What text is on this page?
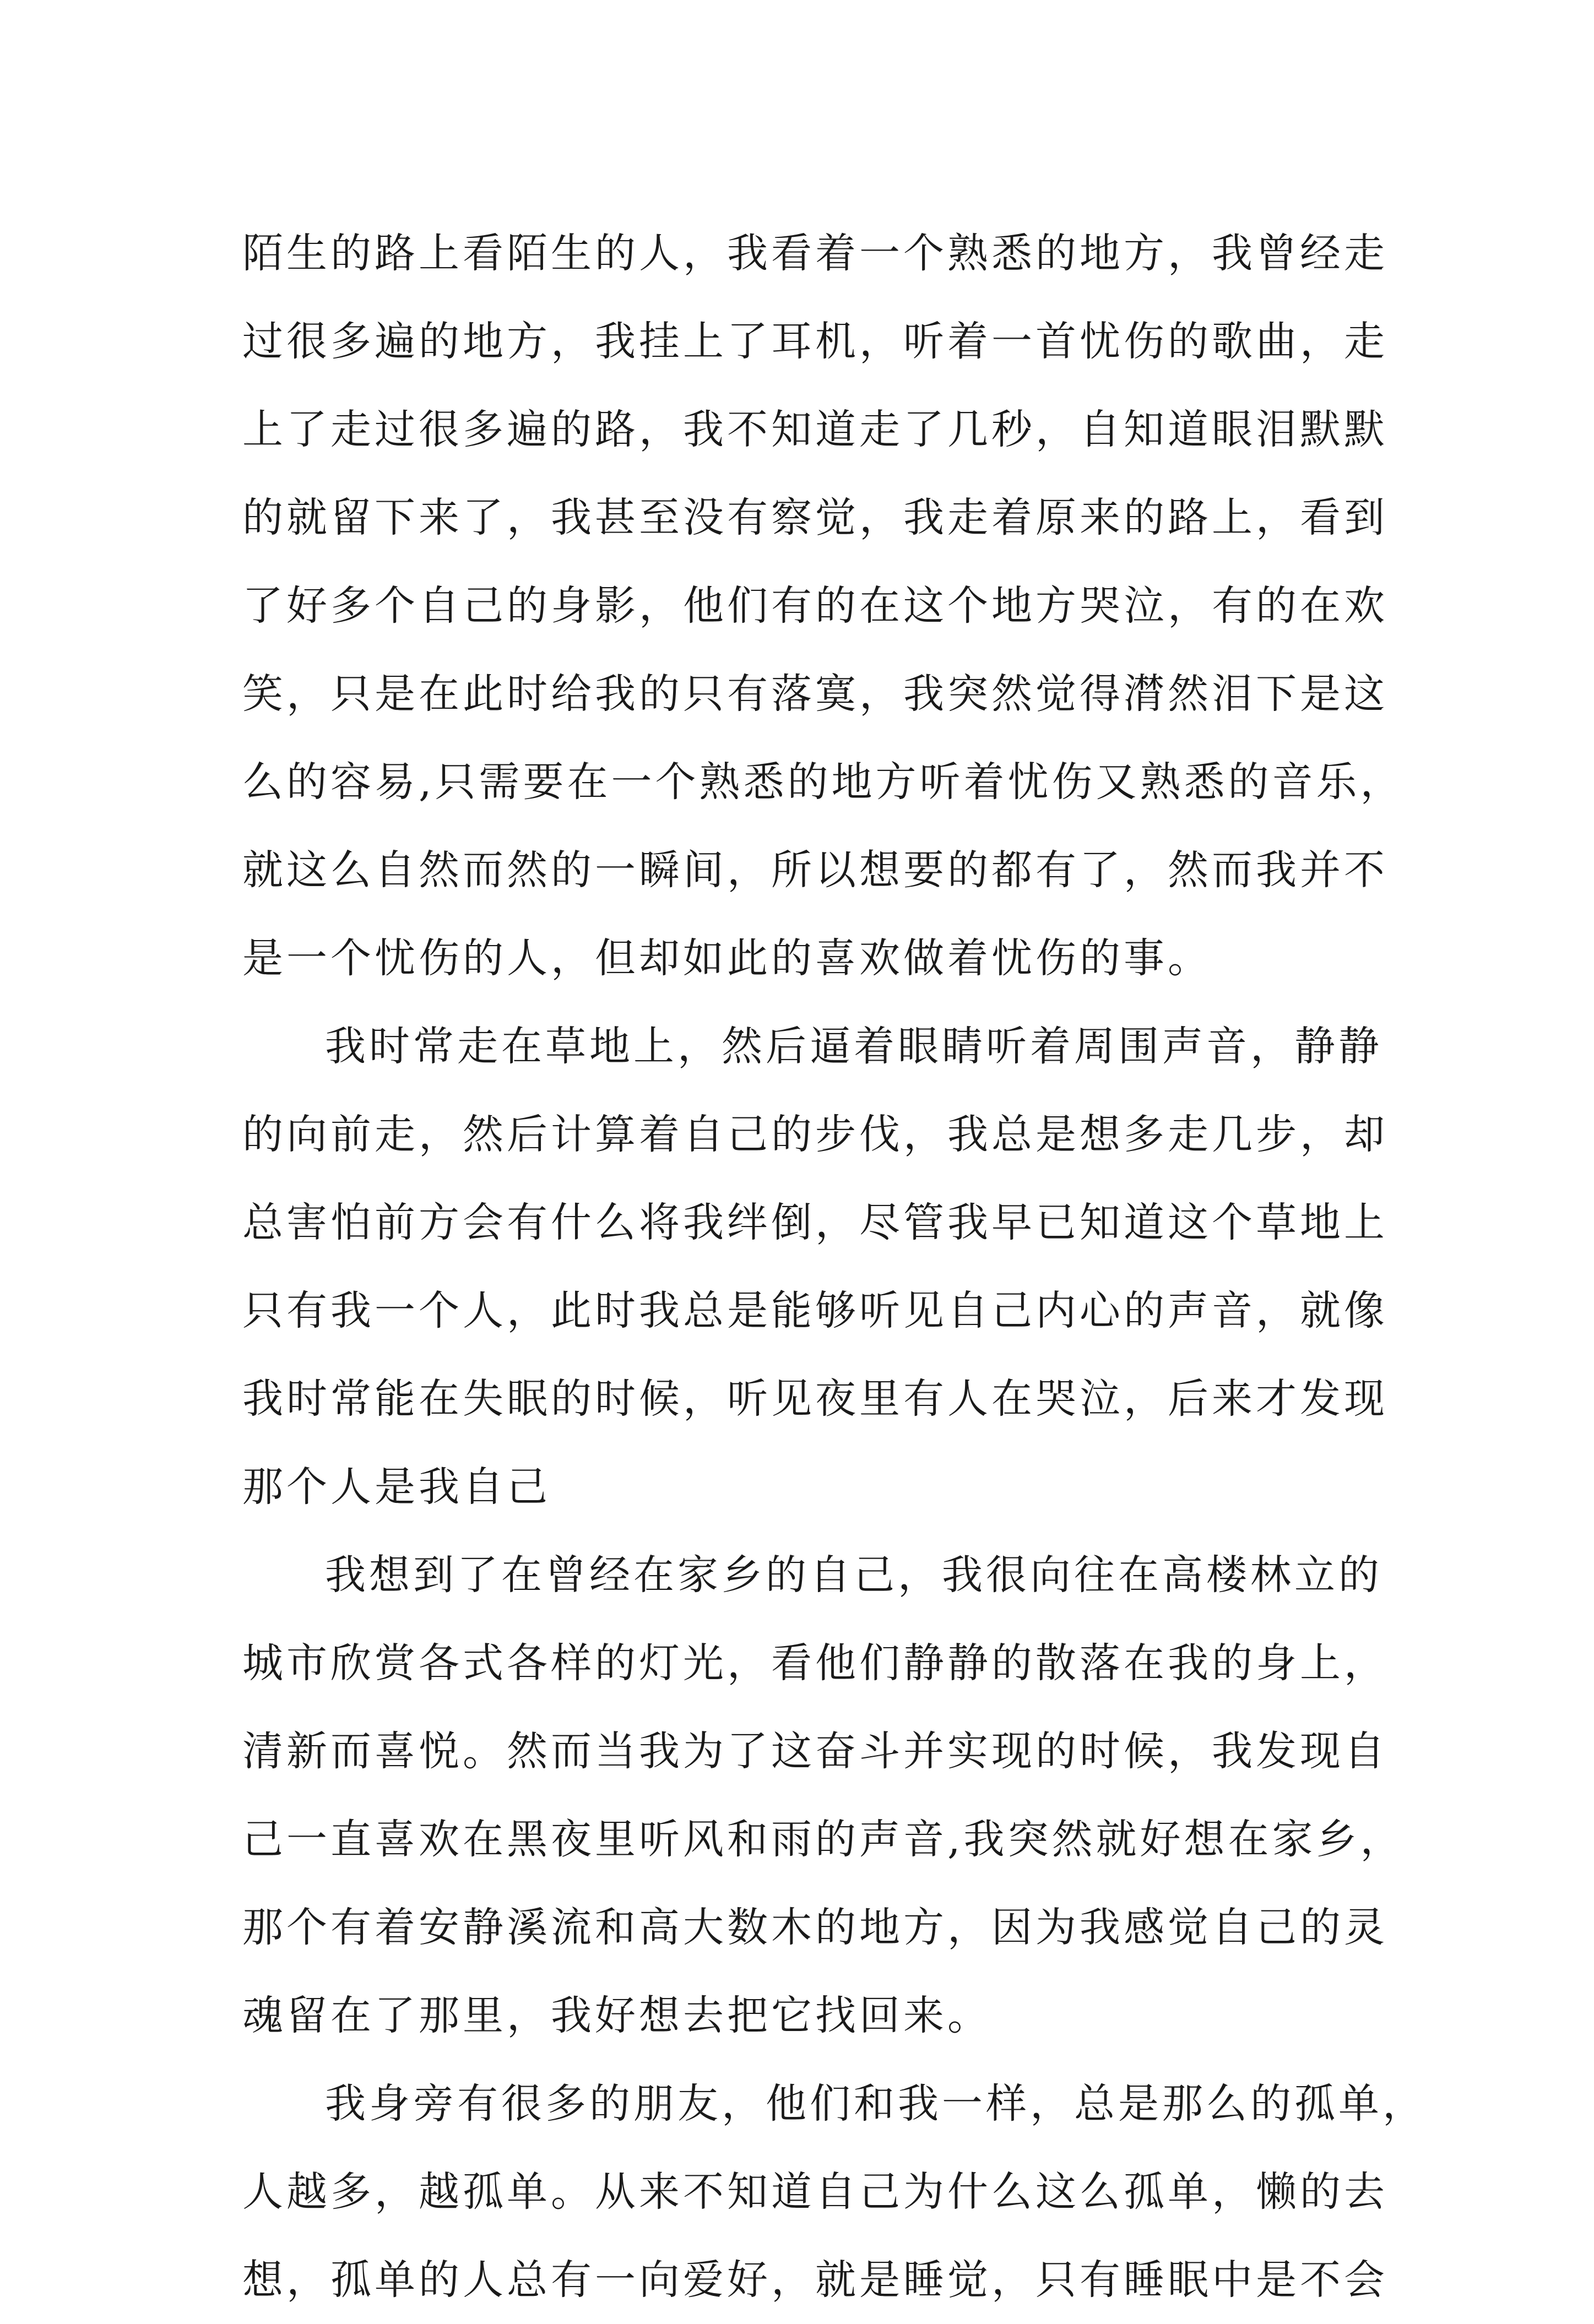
陌生的路上看陌生的人，我看着一个熟悉的地方，我曾经走
过很多遍的地方，我挂上了耳机，听着一首忧伤的歌曲，走
上了走过很多遍的路，我不知道走了几秒，自知道眼泪默默
的就留下来了，我甚至没有察觉，我走着原来的路上，看到
了好多个自己的身影，他们有的在这个地方哭泣，有的在欢
笑，只是在此时给我的只有落寞，我突然觉得潸然泪下是这
么的容易,只需要在一个熟悉的地方听着忧伤又熟悉的音乐，
就这么自然而然的一瞬间，所以想要的都有了，然而我并不
是一个忧伤的人，但却如此的喜欢做着忧伤的事。
我时常走在草地上，然后逼着眼睛听着周围声音，静静
的向前走，然后计算着自己的步伐，我总是想多走几步，却
总害怕前方会有什么将我绊倒，尽管我早已知道这个草地上
只有我一个人，此时我总是能够听见自己内心的声音，就像
我时常能在失眠的时候，听见夜里有人在哭泣，后来才发现
那个人是我自己
我想到了在曾经在家乡的自己，我很向往在高楼林立的
城市欣赏各式各样的灯光，看他们静静的散落在我的身上，
清新而喜悦。然而当我为了这奋斗并实现的时候，我发现自
己一直喜欢在黑夜里听风和雨的声音,我突然就好想在家乡，
那个有着安静溪流和高大数木的地方，因为我感觉自己的灵
魂留在了那里，我好想去把它找回来。
我身旁有很多的朋友，他们和我一样，总是那么的孤单，
人越多，越孤单。从来不知道自己为什么这么孤单，懒的去
想，孤单的人总有一向爱好，就是睡觉，只有睡眠中是不会
